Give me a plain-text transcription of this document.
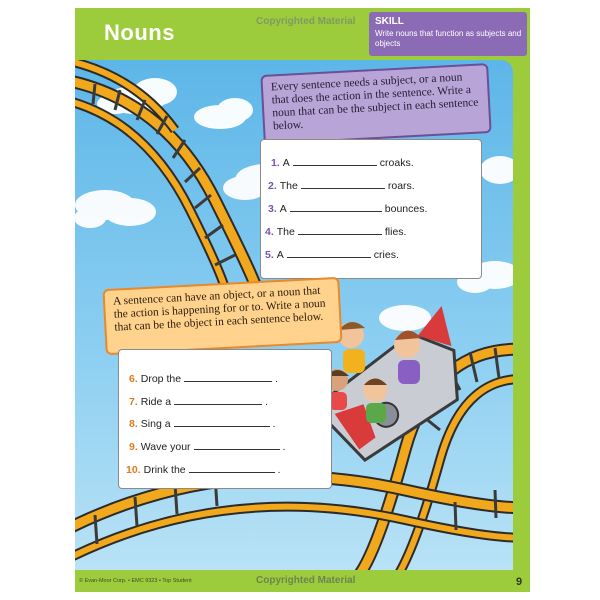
Nouns	Copyrighted Material SKILL
Write nouns that function as subjects and objects
Every sentence needs a subject, or a noun that does the action in the sentence. Write a noun that can be the subject in each sentence below.
1. A	croaks.
2. The	roars.
3. A	bounces.
4. The	flies.
5. A	cries.
A sentence can have an object, or a noun that the action is happening for or to. Write a noun that can be the object in each sentence below.
6. Drop the	.
7. Ride a	.
8. Sing a	.
9. Wave your	.
10. Drink the	.
© Evan-Moor Corp. • EMC 9323 • Top Student	Copyrighted Material	9
